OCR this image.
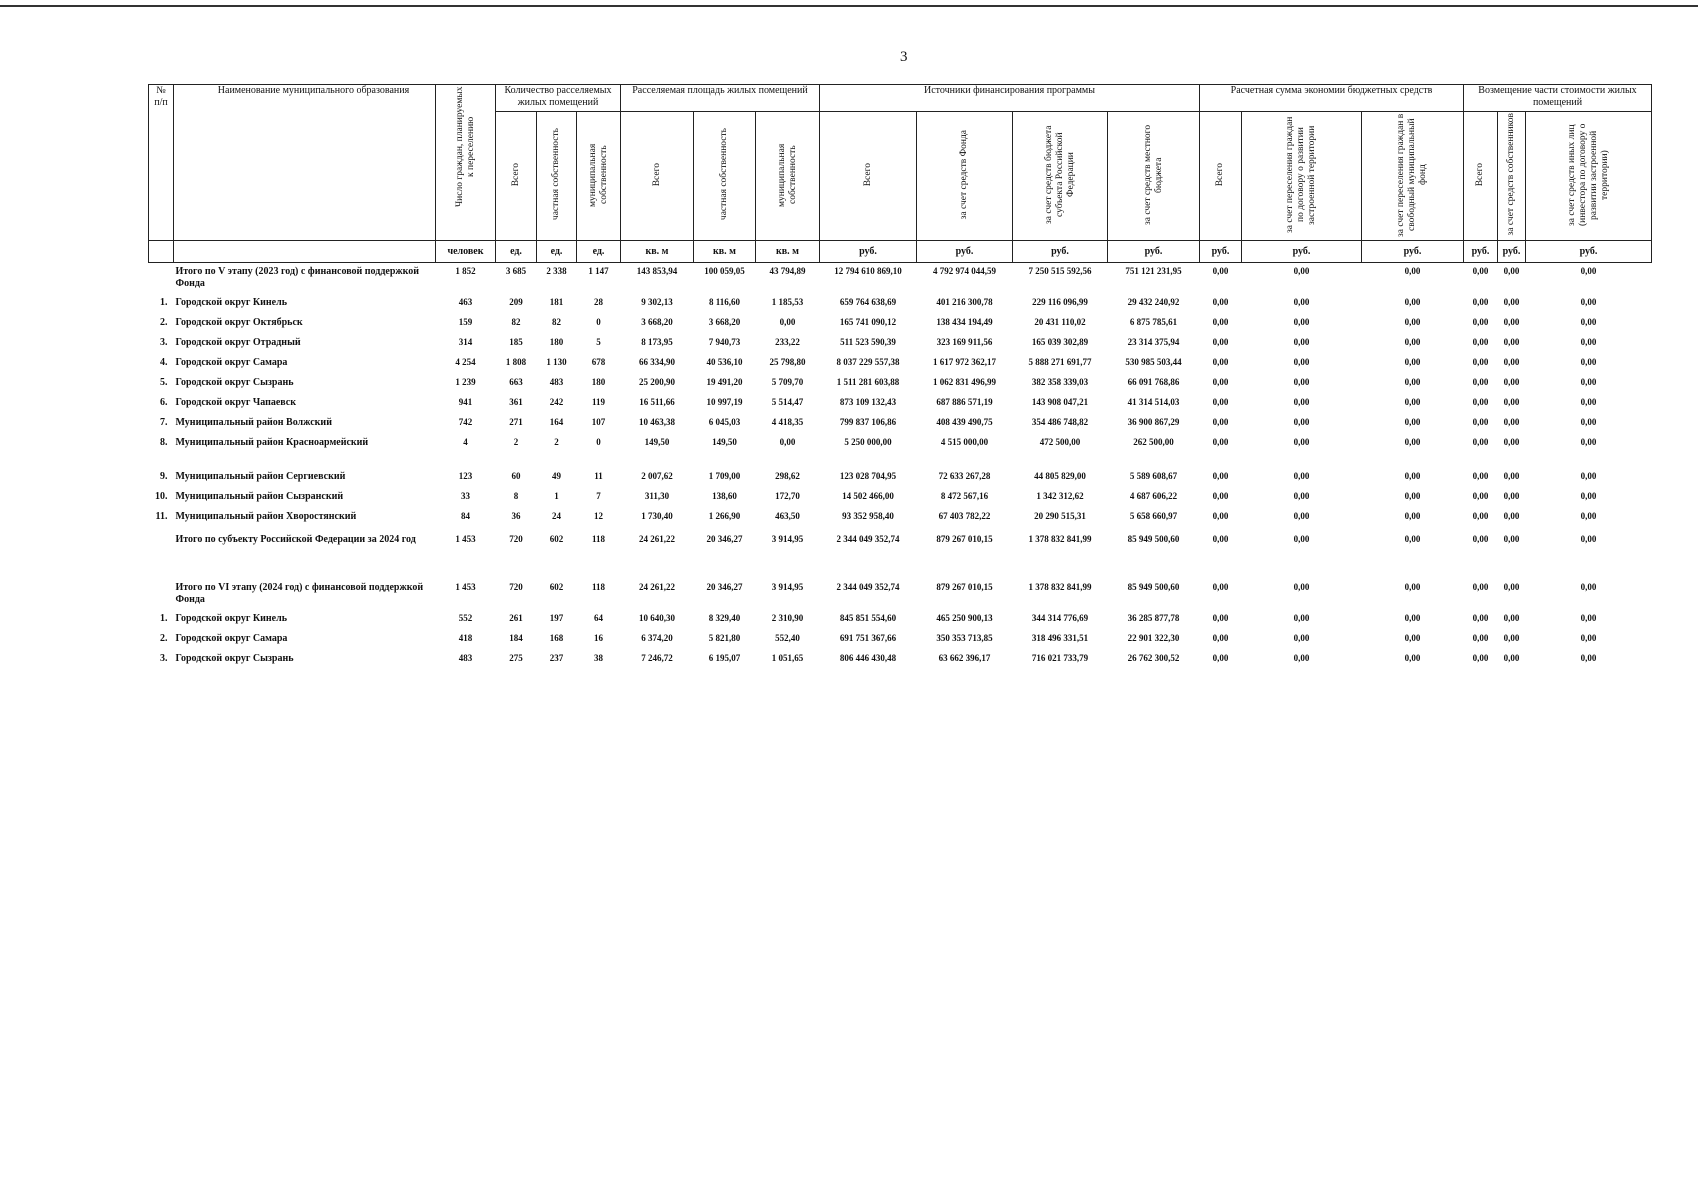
3
№ п/п	Наименование муниципального образования	Число граждан, планируемых к переселению	Количество расселяемых жилых помещений			Расселяемая площадь жилых помещений			Источники финансирования программы				Расчетная сумма экономии бюджетных средств			Возмещение части стоимости жилых помещений		
			Всего	частная собственность	муниципальная собственность	Всего	частная собственность	муниципальная собственность	Всего	за счет средств Фонда	за счет средств бюджета субъекта Российской Федерации	за счет средств местного бюджета	Всего	за счет переселения граждан по договору о развитии застроенной территории	за счет переселения граждан в свободный муниципальный фонд	Всего	за счет средств собственников	за счет средств иных лиц (инвестора по договору о развитии застроенной территории)
		человек	ед.	ед.	ед.	кв. м	кв. м	кв. м	руб.	руб.	руб.	руб.	руб.	руб.	руб.	руб.	руб.	руб.
	Итого по V этапу (2023 год) с финансовой поддержкой Фонда	1 852	3 685	2 338	1 147	143 853,94	100 059,05	43 794,89	12 794 610 869,10	4 792 974 044,59	7 250 515 592,56	751 121 231,95	0,00	0,00	0,00	0,00	0,00	0,00
1.	Городской округ Кинель	463	209	181	28	9 302,13	8 116,60	1 185,53	659 764 638,69	401 216 300,78	229 116 096,99	29 432 240,92	0,00	0,00	0,00	0,00	0,00	0,00
2.	Городской округ Октябрьск	159	82	82	0	3 668,20	3 668,20	0,00	165 741 090,12	138 434 194,49	20 431 110,02	6 875 785,61	0,00	0,00	0,00	0,00	0,00	0,00
3.	Городской округ Отрадный	314	185	180	5	8 173,95	7 940,73	233,22	511 523 590,39	323 169 911,56	165 039 302,89	23 314 375,94	0,00	0,00	0,00	0,00	0,00	0,00
4.	Городской округ Самара	4 254	1 808	1 130	678	66 334,90	40 536,10	25 798,80	8 037 229 557,38	1 617 972 362,17	5 888 271 691,77	530 985 503,44	0,00	0,00	0,00	0,00	0,00	0,00
5.	Городской округ Сызрань	1 239	663	483	180	25 200,90	19 491,20	5 709,70	1 511 281 603,88	1 062 831 496,99	382 358 339,03	66 091 768,86	0,00	0,00	0,00	0,00	0,00	0,00
6.	Городской округ Чапаевск	941	361	242	119	16 511,66	10 997,19	5 514,47	873 109 132,43	687 886 571,19	143 908 047,21	41 314 514,03	0,00	0,00	0,00	0,00	0,00	0,00
7.	Муниципальный район Волжский	742	271	164	107	10 463,38	6 045,03	4 418,35	799 837 106,86	408 439 490,75	354 486 748,82	36 900 867,29	0,00	0,00	0,00	0,00	0,00	0,00
8.	Муниципальный район Красноармейский	4	2	2	0	149,50	149,50	0,00	5 250 000,00	4 515 000,00	472 500,00	262 500,00	0,00	0,00	0,00	0,00	0,00	0,00

9.	Муниципальный район Сергиевский	123	60	49	11	2 007,62	1 709,00	298,62	123 028 704,95	72 633 267,28	44 805 829,00	5 589 608,67	0,00	0,00	0,00	0,00	0,00	0,00
10.	Муниципальный район Сызранский	33	8	1	7	311,30	138,60	172,70	14 502 466,00	8 472 567,16	1 342 312,62	4 687 606,22	0,00	0,00	0,00	0,00	0,00	0,00
11.	Муниципальный район Хворостянский	84	36	24	12	1 730,40	1 266,90	463,50	93 352 958,40	67 403 782,22	20 290 515,31	5 658 660,97	0,00	0,00	0,00	0,00	0,00	0,00
	Итого по субъекту Российской Федерации за 2024 год	1 453	720	602	118	24 261,22	20 346,27	3 914,95	2 344 049 352,74	879 267 010,15	1 378 832 841,99	85 949 500,60	0,00	0,00	0,00	0,00	0,00	0,00

	Итого по VI этапу (2024 год) с финансовой поддержкой Фонда	1 453	720	602	118	24 261,22	20 346,27	3 914,95	2 344 049 352,74	879 267 010,15	1 378 832 841,99	85 949 500,60	0,00	0,00	0,00	0,00	0,00	0,00
1.	Городской округ Кинель	552	261	197	64	10 640,30	8 329,40	2 310,90	845 851 554,60	465 250 900,13	344 314 776,69	36 285 877,78	0,00	0,00	0,00	0,00	0,00	0,00
2.	Городской округ Самара	418	184	168	16	6 374,20	5 821,80	552,40	691 751 367,66	350 353 713,85	318 496 331,51	22 901 322,30	0,00	0,00	0,00	0,00	0,00	0,00
3.	Городской округ Сызрань	483	275	237	38	7 246,72	6 195,07	1 051,65	806 446 430,48	63 662 396,17	716 021 733,79	26 762 300,52	0,00	0,00	0,00	0,00	0,00	0,00
